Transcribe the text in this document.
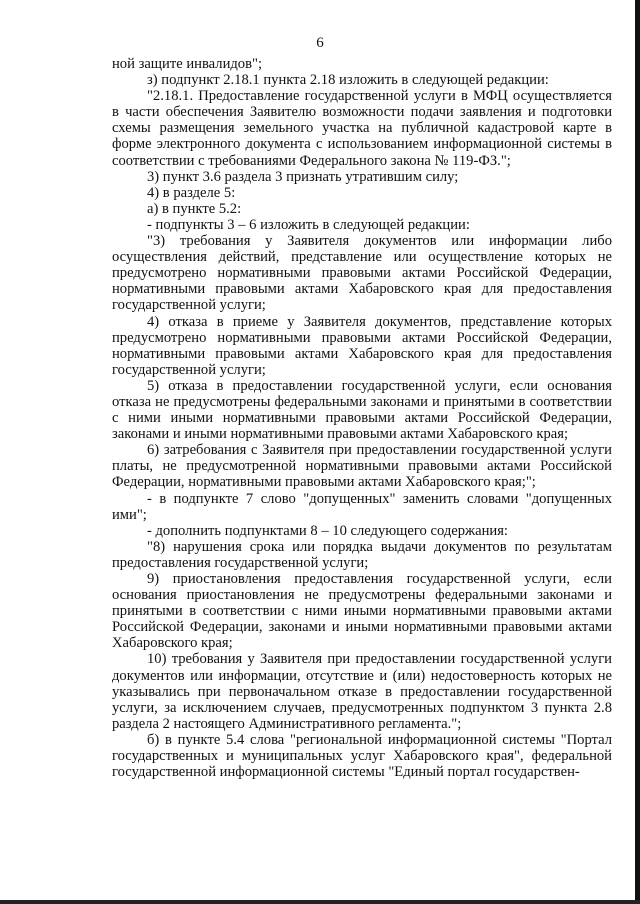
6

ной защите инвалидов";

з) подпункт 2.18.1 пункта 2.18 изложить в следующей редакции:

"2.18.1. Предоставление государственной услуги в МФЦ осуществляется в части обеспечения Заявителю возможности подачи заявления и подготовки схемы размещения земельного участка на публичной кадастровой карте в форме электронного документа с использованием информационной системы в соответствии с требованиями Федерального закона № 119-ФЗ.";

3) пункт 3.6 раздела 3 признать утратившим силу;

4) в разделе 5:

а) в пункте 5.2:

- подпункты 3 – 6 изложить в следующей редакции:

"3) требования у Заявителя документов или информации либо осуществления действий, представление или осуществление которых не предусмотрено нормативными правовыми актами Российской Федерации, нормативными правовыми актами Хабаровского края для предоставления государственной услуги;

4) отказа в приеме у Заявителя документов, представление которых предусмотрено нормативными правовыми актами Российской Федерации, нормативными правовыми актами Хабаровского края для предоставления государственной услуги;

5) отказа в предоставлении государственной услуги, если основания отказа не предусмотрены федеральными законами и принятыми в соответствии с ними иными нормативными правовыми актами Российской Федерации, законами и иными нормативными правовыми актами Хабаровского края;

6) затребования с Заявителя при предоставлении государственной услуги платы, не предусмотренной нормативными правовыми актами Российской Федерации, нормативными правовыми актами Хабаровского края;";

- в подпункте 7 слово "допущенных" заменить словами "допущенных ими";

- дополнить подпунктами 8 – 10 следующего содержания:

"8) нарушения срока или порядка выдачи документов по результатам предоставления государственной услуги;

9) приостановления предоставления государственной услуги, если основания приостановления не предусмотрены федеральными законами и принятыми в соответствии с ними иными нормативными правовыми актами Российской Федерации, законами и иными нормативными правовыми актами Хабаровского края;

10) требования у Заявителя при предоставлении государственной услуги документов или информации, отсутствие и (или) недостоверность которых не указывались при первоначальном отказе в предоставлении государственной услуги, за исключением случаев, предусмотренных подпунктом 3 пункта 2.8 раздела 2 настоящего Административного регламента.";

б) в пункте 5.4 слова "региональной информационной системы "Портал государственных и муниципальных услуг Хабаровского края", федеральной государственной информационной системы "Единый портал государствен-
